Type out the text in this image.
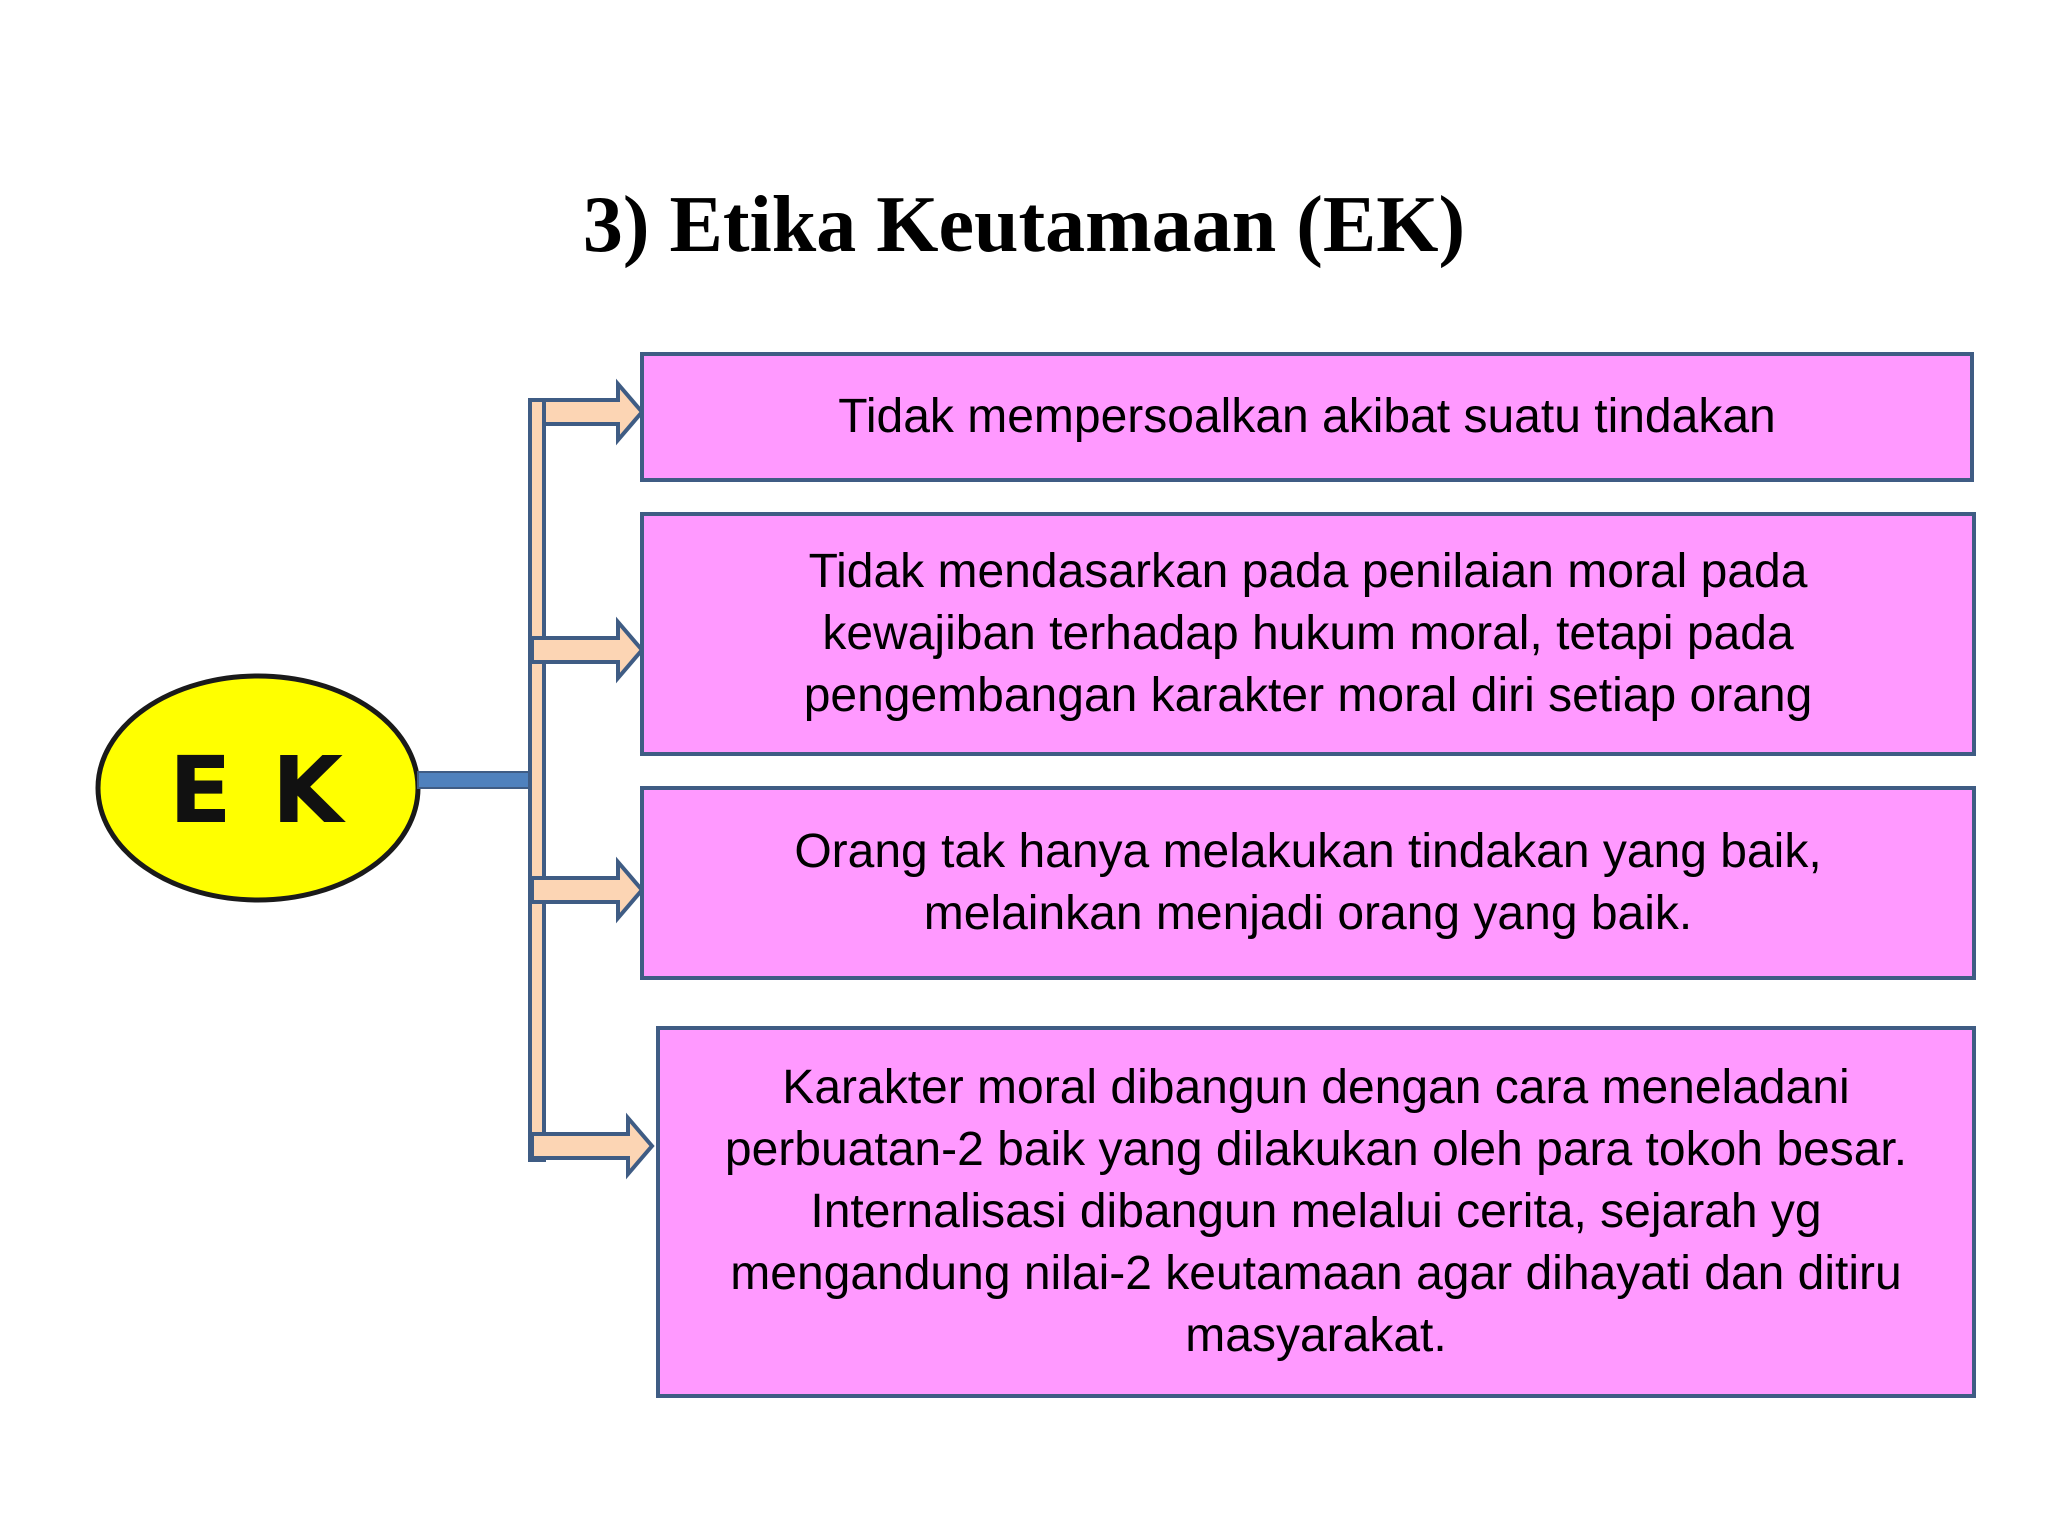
3) Etika Keutamaan (EK)
E K
Tidak mempersoalkan akibat suatu tindakan
Tidak mendasarkan pada penilaian moral pada
kewajiban terhadap hukum moral, tetapi pada
pengembangan karakter moral diri setiap orang
Orang tak hanya melakukan tindakan yang baik,
melainkan menjadi orang yang baik.
Karakter moral dibangun dengan cara meneladani
perbuatan-2 baik yang dilakukan oleh para tokoh besar.
Internalisasi dibangun melalui cerita, sejarah yg
mengandung nilai-2 keutamaan agar dihayati dan ditiru
masyarakat.
